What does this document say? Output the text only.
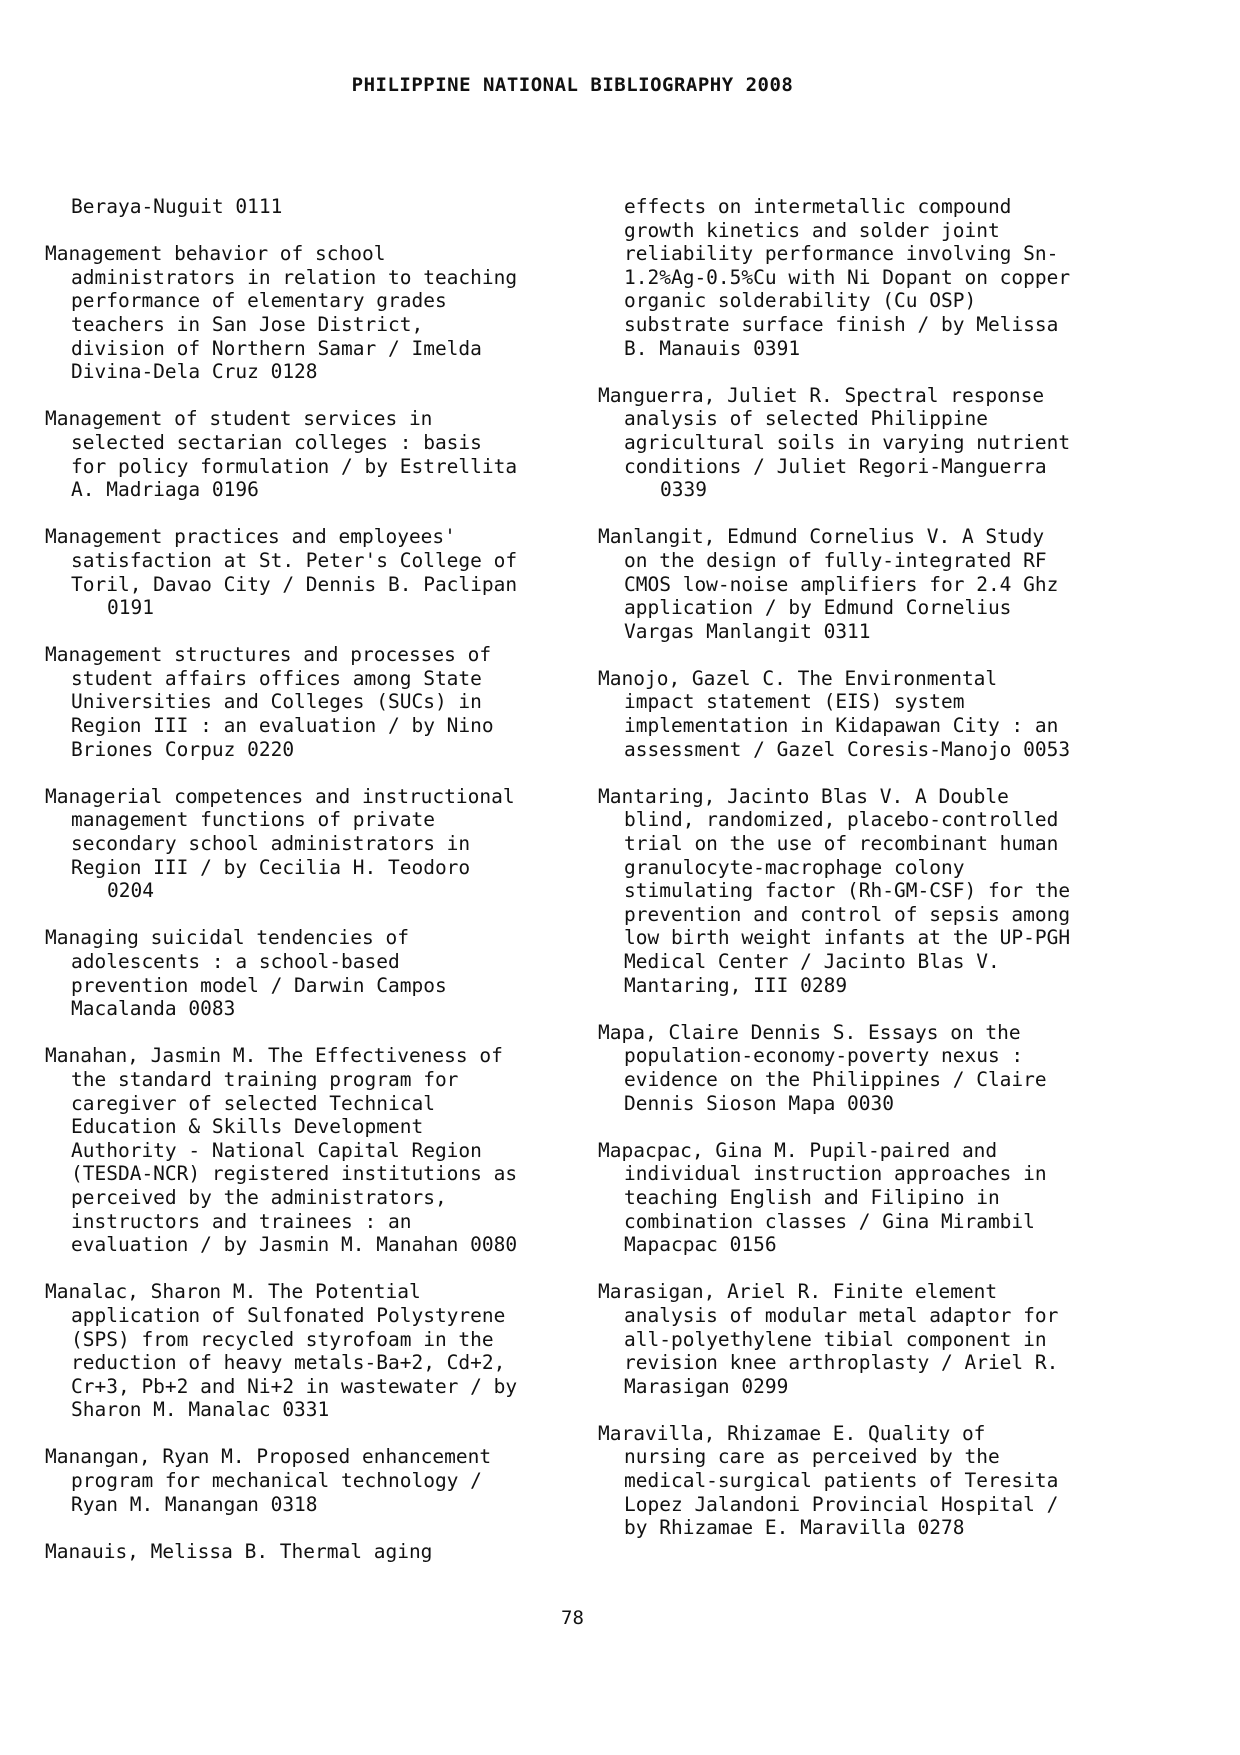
PHILIPPINE NATIONAL BIBLIOGRAPHY 2008
Beraya-Nuguit 0111
Management behavior of school
administrators in relation to teaching
performance of elementary grades
teachers in San Jose District,
division of Northern Samar / Imelda
Divina-Dela Cruz 0128
Management of student services in
selected sectarian colleges : basis
for policy formulation / by Estrellita
A. Madriaga 0196
Management practices and employees'
satisfaction at St. Peter's College of
Toril, Davao City / Dennis B. Paclipan
0191
Management structures and processes of
student affairs offices among State
Universities and Colleges (SUCs) in
Region III : an evaluation / by Nino
Briones Corpuz 0220
Managerial competences and instructional
management functions of private
secondary school administrators in
Region III / by Cecilia H. Teodoro
0204
Managing suicidal tendencies of
adolescents : a school-based
prevention model / Darwin Campos
Macalanda 0083
Manahan, Jasmin M. The Effectiveness of
the standard training program for
caregiver of selected Technical
Education & Skills Development
Authority - National Capital Region
(TESDA-NCR) registered institutions as
perceived by the administrators,
instructors and trainees : an
evaluation / by Jasmin M. Manahan 0080
Manalac, Sharon M. The Potential
application of Sulfonated Polystyrene
(SPS) from recycled styrofoam in the
reduction of heavy metals-Ba+2, Cd+2,
Cr+3, Pb+2 and Ni+2 in wastewater / by
Sharon M. Manalac 0331
Manangan, Ryan M. Proposed enhancement
program for mechanical technology /
Ryan M. Manangan 0318
Manauis, Melissa B. Thermal aging
effects on intermetallic compound
growth kinetics and solder joint
reliability performance involving Sn-
1.2%Ag-0.5%Cu with Ni Dopant on copper
organic solderability (Cu OSP)
substrate surface finish / by Melissa
B. Manauis 0391
Manguerra, Juliet R. Spectral response
analysis of selected Philippine
agricultural soils in varying nutrient
conditions / Juliet Regori-Manguerra
0339
Manlangit, Edmund Cornelius V. A Study
on the design of fully-integrated RF
CMOS low-noise amplifiers for 2.4 Ghz
application / by Edmund Cornelius
Vargas Manlangit 0311
Manojo, Gazel C. The Environmental
impact statement (EIS) system
implementation in Kidapawan City : an
assessment / Gazel Coresis-Manojo 0053
Mantaring, Jacinto Blas V. A Double
blind, randomized, placebo-controlled
trial on the use of recombinant human
granulocyte-macrophage colony
stimulating factor (Rh-GM-CSF) for the
prevention and control of sepsis among
low birth weight infants at the UP-PGH
Medical Center / Jacinto Blas V.
Mantaring, III 0289
Mapa, Claire Dennis S. Essays on the
population-economy-poverty nexus :
evidence on the Philippines / Claire
Dennis Sioson Mapa 0030
Mapacpac, Gina M. Pupil-paired and
individual instruction approaches in
teaching English and Filipino in
combination classes / Gina Mirambil
Mapacpac 0156
Marasigan, Ariel R. Finite element
analysis of modular metal adaptor for
all-polyethylene tibial component in
revision knee arthroplasty / Ariel R.
Marasigan 0299
Maravilla, Rhizamae E. Quality of
nursing care as perceived by the
medical-surgical patients of Teresita
Lopez Jalandoni Provincial Hospital /
by Rhizamae E. Maravilla 0278
78
